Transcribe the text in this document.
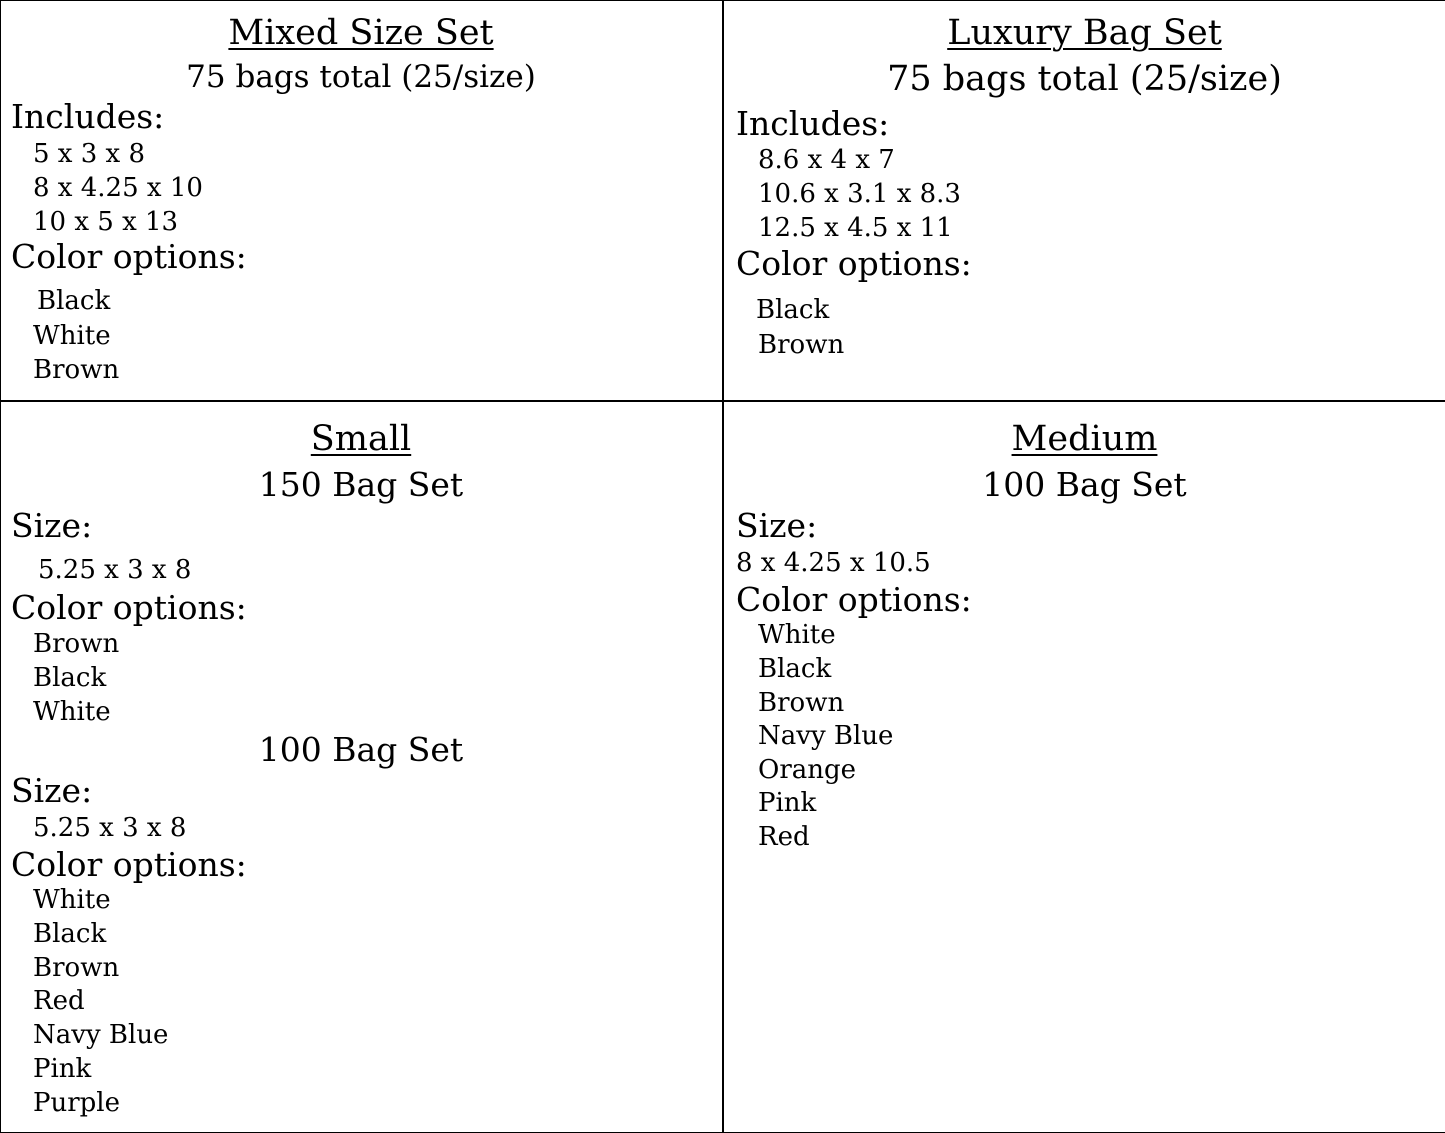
Mixed Size Set
75 bags total (25/size)
Includes:
5 x 3 x 8
8 x 4.25 x 10
10 x 5 x 13
Color options:
Black
White
Brown
Luxury Bag Set
75 bags total (25/size)
Includes:
8.6 x 4 x 7
10.6 x 3.1 x 8.3
12.5 x 4.5 x 11
Color options:
Black
Brown
Small
150 Bag Set
Size:
5.25 x 3 x 8
Color options:
Brown
Black
White
100 Bag Set
Size:
5.25 x 3 x 8
Color options:
White
Black
Brown
Red
Navy Blue
Pink
Purple
Medium
100 Bag Set
Size:
8 x 4.25 x 10.5
Color options:
White
Black
Brown
Navy Blue
Orange
Pink
Red
